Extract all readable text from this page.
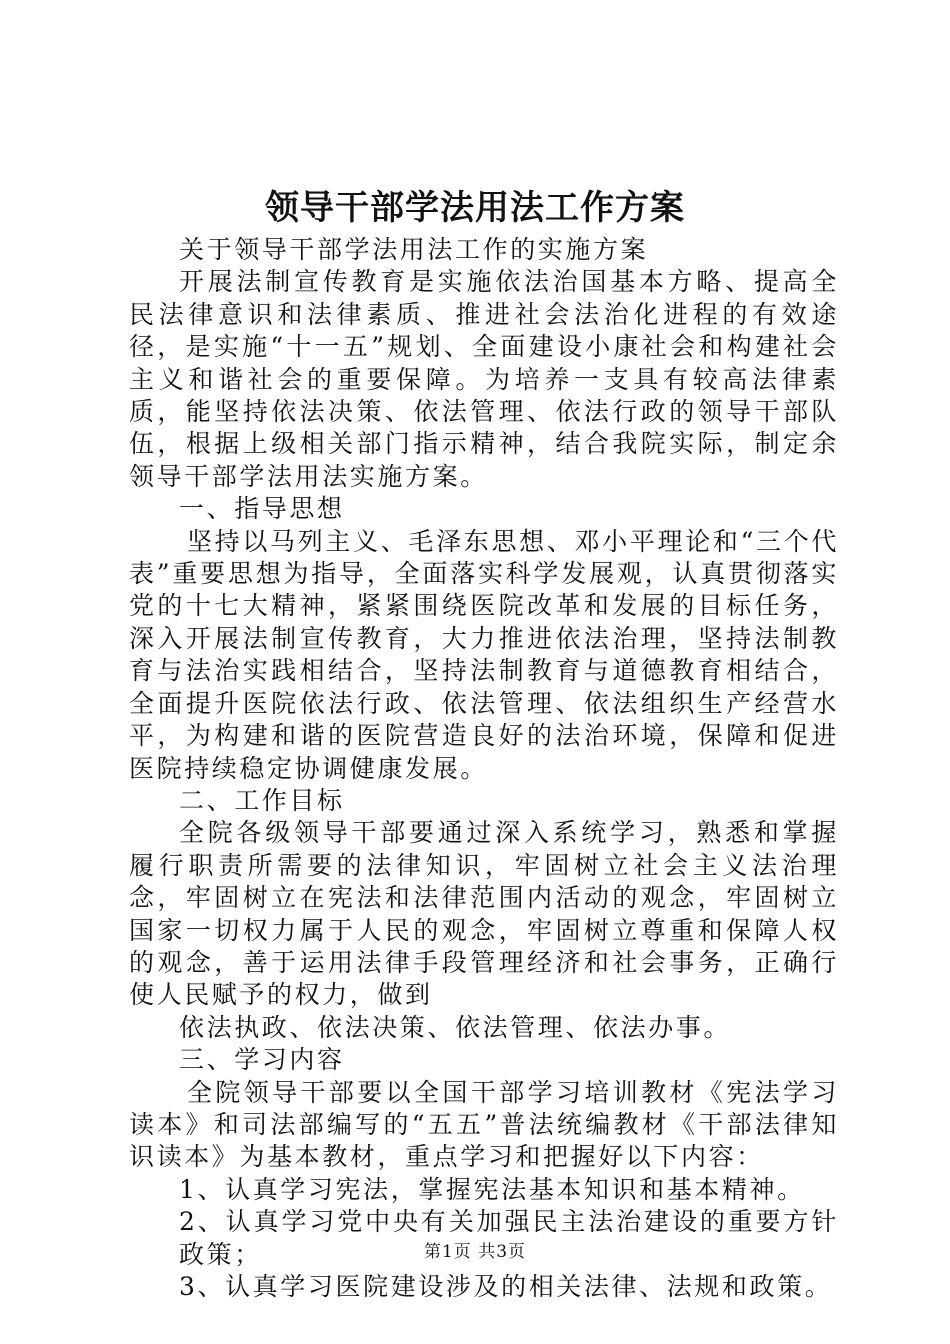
领导干部学法用法工作方案

关于领导干部学法用法工作的实施方案

开展法制宣传教育是实施依法治国基本方略、提高全民法律意识和法律素质、推进社会法治化进程的有效途径，是实施“十一五”规划、全面建设小康社会和构建社会主义和谐社会的重要保障。为培养一支具有较高法律素质，能坚持依法决策、依法管理、依法行政的领导干部队伍，根据上级相关部门指示精神，结合我院实际，制定余领导干部学法用法实施方案。

一、指导思想

坚持以马列主义、毛泽东思想、邓小平理论和“三个代表”重要思想为指导，全面落实科学发展观，认真贯彻落实党的十七大精神，紧紧围绕医院改革和发展的目标任务，深入开展法制宣传教育，大力推进依法治理，坚持法制教育与法治实践相结合，坚持法制教育与道德教育相结合，全面提升医院依法行政、依法管理、依法组织生产经营水平，为构建和谐的医院营造良好的法治环境，保障和促进医院持续稳定协调健康发展。

二、工作目标

全院各级领导干部要通过深入系统学习，熟悉和掌握履行职责所需要的法律知识，牢固树立社会主义法治理念，牢固树立在宪法和法律范围内活动的观念，牢固树立国家一切权力属于人民的观念，牢固树立尊重和保障人权的观念，善于运用法律手段管理经济和社会事务，正确行使人民赋予的权力，做到

依法执政、依法决策、依法管理、依法办事。

三、学习内容

全院领导干部要以全国干部学习培训教材《宪法学习读本》和司法部编写的“五五”普法统编教材《干部法律知识读本》为基本教材，重点学习和把握好以下内容：

1、认真学习宪法，掌握宪法基本知识和基本精神。

2、认真学习党中央有关加强民主法治建设的重要方针政策；

3、认真学习医院建设涉及的相关法律、法规和政策。

第1页 共3页
